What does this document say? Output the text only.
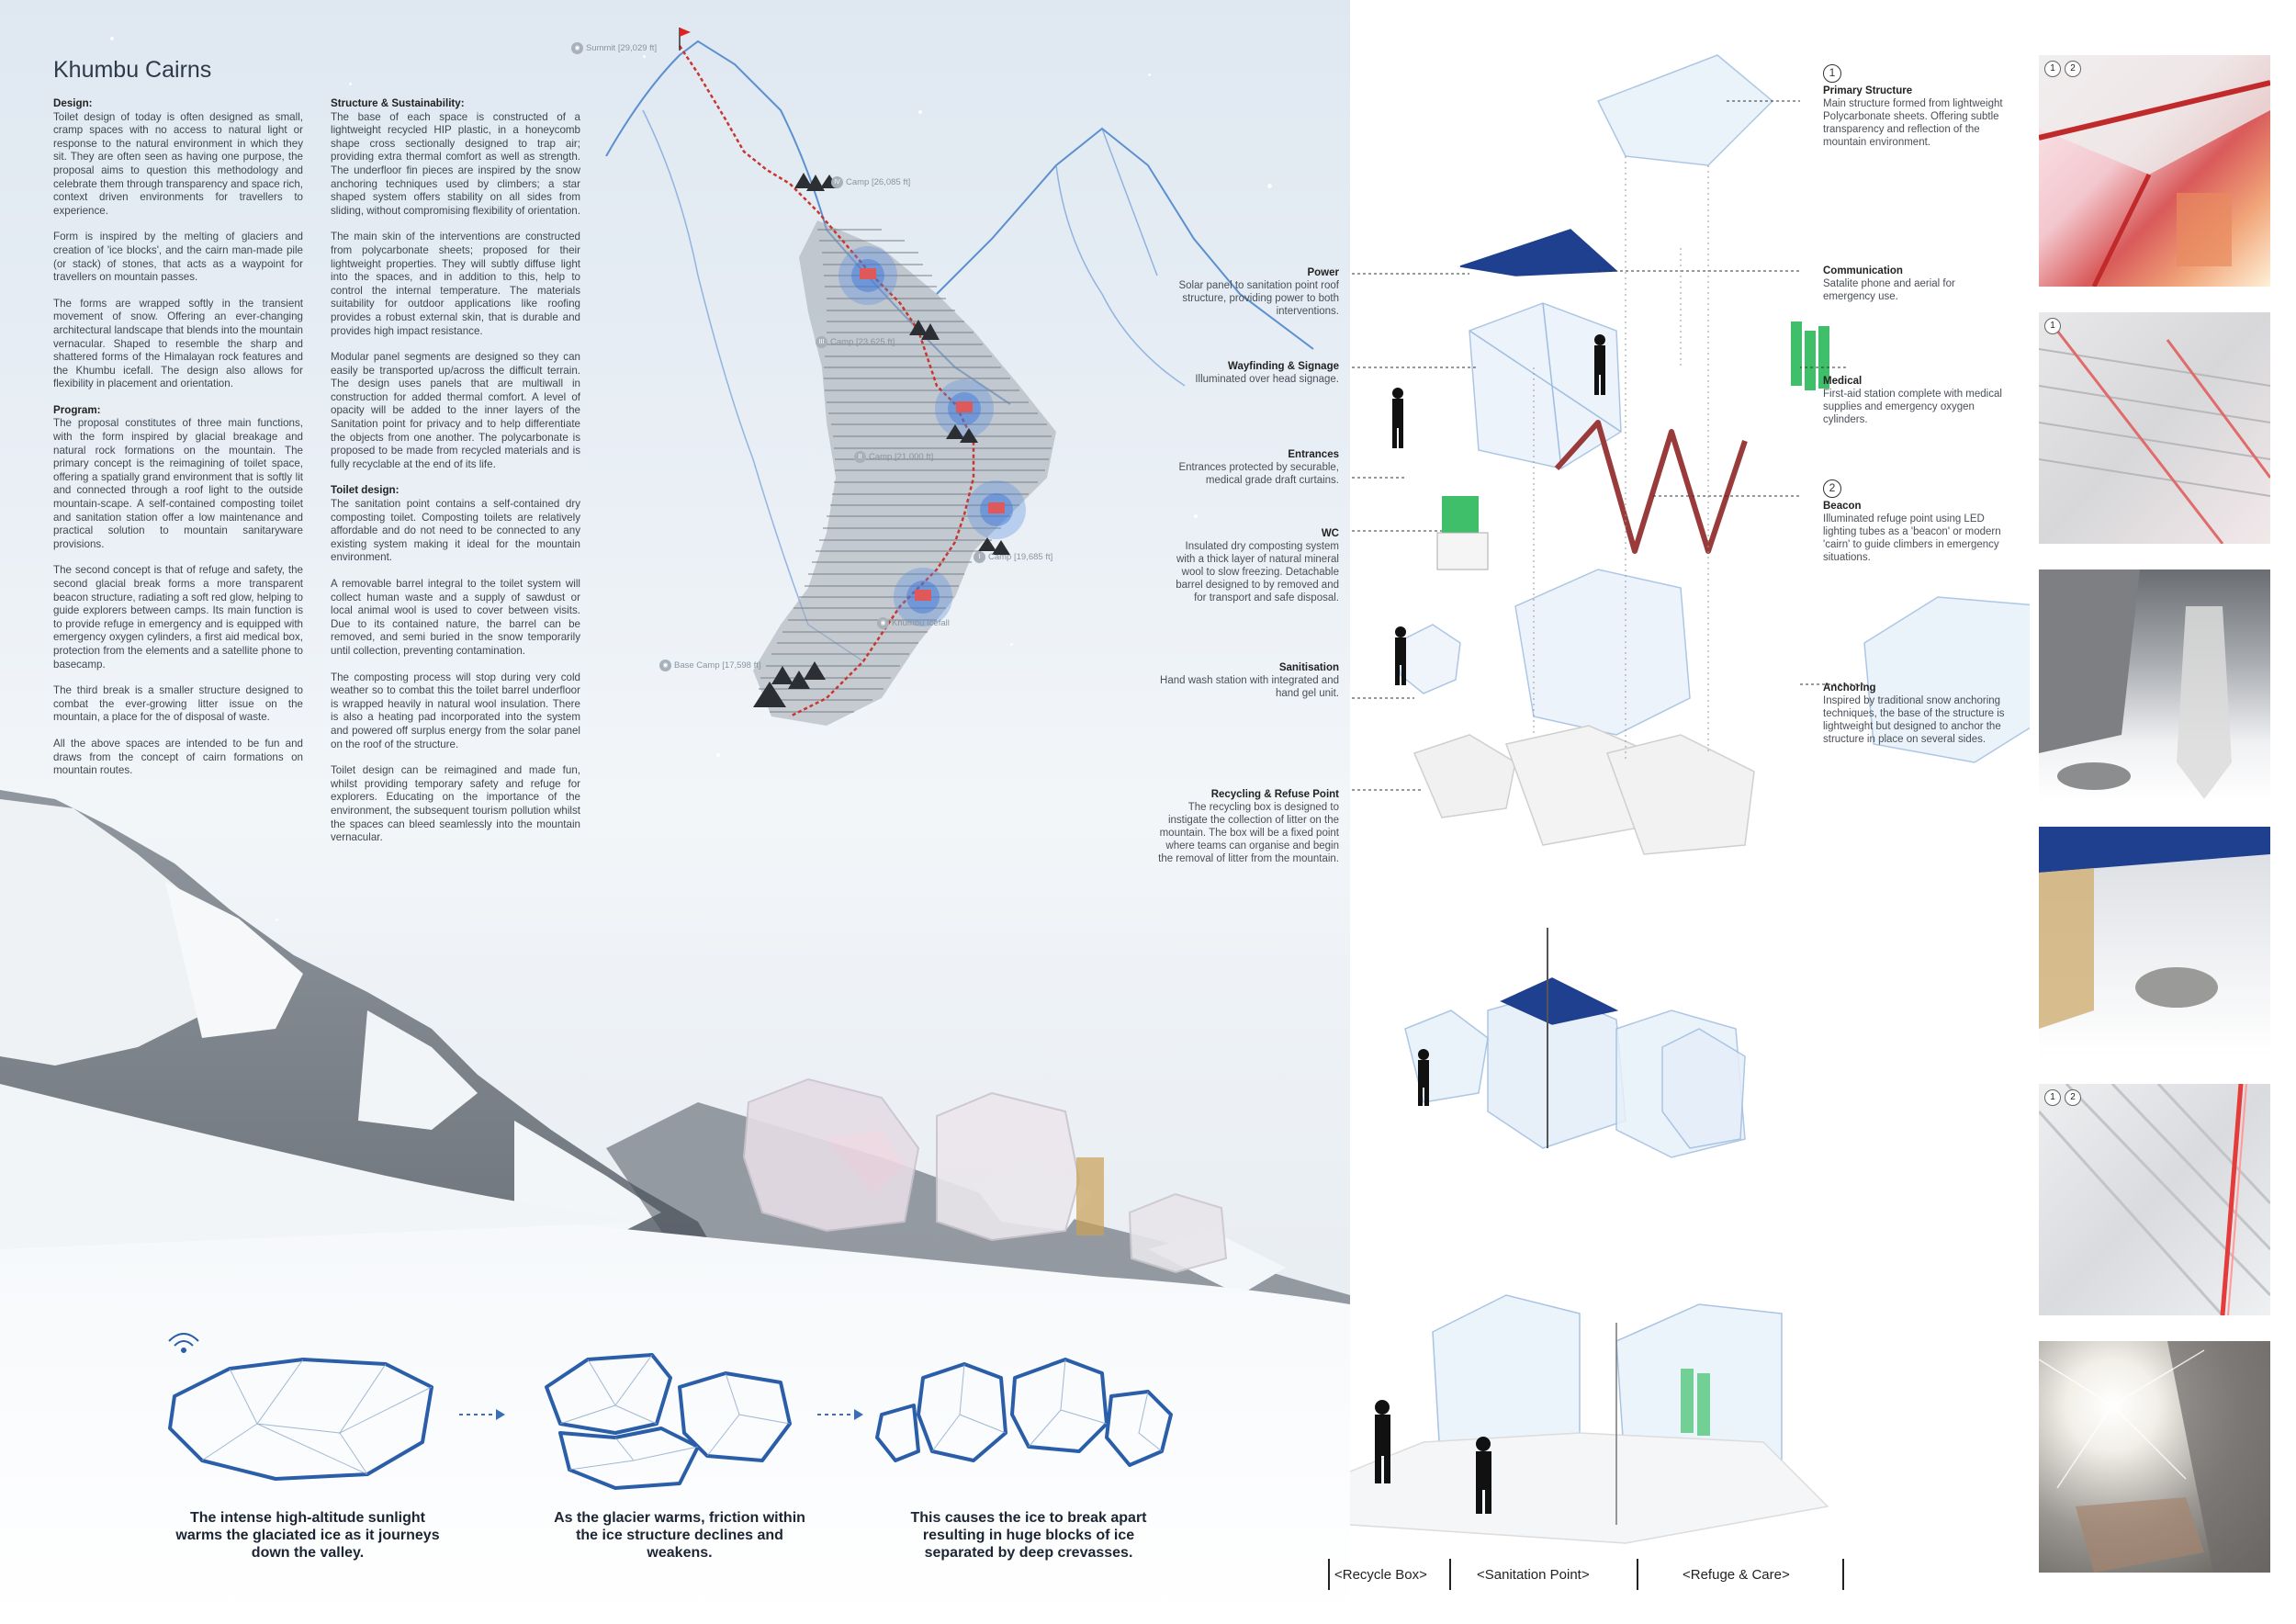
Khumbu Cairns
Design:

Toilet design of today is often designed as small, cramp spaces with no access to natural light or response to the natural environment in which they sit. They are often seen as having one purpose, the proposal aims to question this methodology and celebrate them through transparency and space rich, context driven environments for travellers to experience.

Form is inspired by the melting of glaciers and creation of 'ice blocks', and the cairn man-made pile (or stack) of stones, that acts as a waypoint for travellers on mountain passes.

The forms are wrapped softly in the transient movement of snow. Offering an ever-changing architectural landscape that blends into the mountain vernacular. Shaped to resemble the sharp and shattered forms of the Himalayan rock features and the Khumbu icefall. The design also allows for flexibility in placement and orientation.

Program:

The proposal constitutes of three main functions, with the form inspired by glacial breakage and natural rock formations on the mountain. The primary concept is the reimagining of toilet space, offering a spatially grand environment that is softly lit and connected through a roof light to the outside mountain-scape. A self-contained composting toilet and sanitation station offer a low maintenance and practical solution to mountain sanitaryware provisions.

The second concept is that of refuge and safety, the second glacial break forms a more transparent beacon structure, radiating a soft red glow, helping to guide explorers between camps. Its main function is to provide refuge in emergency and is equipped with emergency oxygen cylinders, a first aid medical box, protection from the elements and a satellite phone to basecamp.

The third break is a smaller structure designed to combat the ever-growing litter issue on the mountain, a place for the of disposal of waste.

All the above spaces are intended to be fun and draws from the concept of cairn formations on mountain routes.

Structure & Sustainability:

The base of each space is constructed of a lightweight recycled HIP plastic, in a honeycomb shape cross sectionally designed to trap air; providing extra thermal comfort as well as strength. The underfloor fin pieces are inspired by the snow anchoring techniques used by climbers; a star shaped system offers stability on all sides from sliding, without compromising flexibility of orientation.

The main skin of the interventions are constructed from polycarbonate sheets; proposed for their lightweight properties. They will subtly diffuse light into the spaces, and in addition to this, help to control the internal temperature. The materials suitability for outdoor applications like roofing provides a robust external skin, that is durable and provides high impact resistance.

Modular panel segments are designed so they can easily be transported up/across the difficult terrain. The design uses panels that are multiwall in construction for added thermal comfort. A level of opacity will be added to the inner layers of the Sanitation point for privacy and to help differentiate the objects from one another. The polycarbonate is proposed to be made from recycled materials and is fully recyclable at the end of its life.

Toilet design:

The sanitation point contains a self-contained dry composting toilet. Composting toilets are relatively affordable and do not need to be connected to any existing system making it ideal for the mountain environment.

A removable barrel integral to the toilet system will collect human waste and a supply of sawdust or local animal wool is used to cover between visits. Due to its contained nature, the barrel can be removed, and semi buried in the snow temporarily until collection, preventing contamination.

The composting process will stop during very cold weather so to combat this the toilet barrel underfloor is wrapped heavily in natural wool insulation. There is also a heating pad incorporated into the system and powered off surplus energy from the solar panel on the roof of the structure.

Toilet design can be reimagined and made fun, whilst providing temporary safety and refuge for explorers. Educating on the importance of the environment, the subsequent tourism pollution whilst the spaces can bleed seamlessly into the mountain vernacular.

◉ Summit [29,029 ft]
IV Camp [26,085 ft]
III Camp [23,625 ft]
II Camp [21,000 ft]
I Camp [19,685 ft]
◉ Khumbu Icefall
◉ Base Camp [17,598 ft]
The intense high-altitude sunlight warms the glaciated ice as it journeys down the valley.
As the glacier warms, friction within the ice structure declines and weakens.
This causes the ice to break apart resulting in huge blocks of ice separated by deep crevasses.
Power
Solar panel to sanitation point roof structure, providing power to both interventions.
Wayfinding & Signage
Illuminated over head signage.
Entrances
Entrances protected by securable, medical grade draft curtains.
WC
Insulated dry composting system with a thick layer of natural mineral wool to slow freezing. Detachable barrel designed to by removed and for transport and safe disposal.
Sanitisation
Hand wash station with integrated and hand gel unit.
Recycling & Refuse Point
The recycling box is designed to instigate the collection of litter on the mountain. The box will be a fixed point where teams can organise and begin the removal of litter from the mountain.
1
Primary Structure
Main structure formed from lightweight Polycarbonate sheets. Offering subtle transparency and reflection of the mountain environment.
Communication
Satalite phone and aerial for emergency use.
Medical
First-aid station complete with medical supplies and emergency oxygen cylinders.
2
Beacon
Illuminated refuge point using LED lighting tubes as a 'beacon' or modern 'cairn' to guide climbers in emergency situations.
Anchoring
Inspired by traditional snow anchoring techniques, the base of the structure is lightweight but designed to anchor the structure in place on several sides.
<Recycle Box>	<Sanitation Point>	<Refuge & Care>
1	2
1
1	2
